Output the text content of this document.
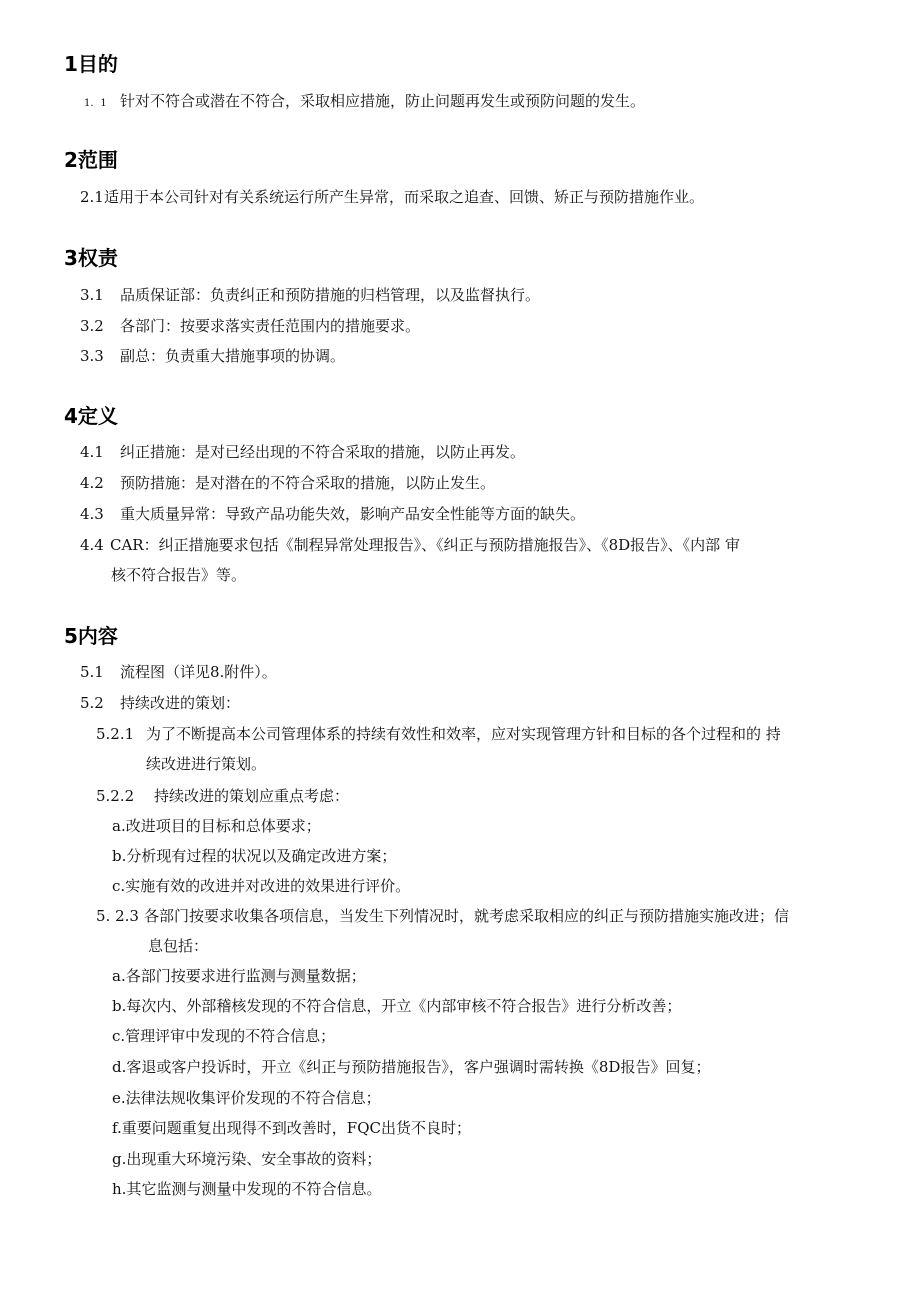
1目的
1．1 针对不符合或潜在不符合，采取相应措施，防止问题再发生或预防问题的发生。
2范围
2.1适用于本公司针对有关系统运行所产生异常，而采取之追查、回馈、矫正与预防措施作业。
3权责
3.1 品质保证部：负责纠正和预防措施的归档管理，以及监督执行。
3.2 各部门：按要求落实责任范围内的措施要求。
3.3 副总：负责重大措施事项的协调。
4定义
4.1 纠正措施：是对已经出现的不符合采取的措施，以防止再发。
4.2 预防措施：是对潜在的不符合采取的措施，以防止发生。
4.3 重大质量异常：导致产品功能失效，影响产品安全性能等方面的缺失。
4.4 CAR：纠正措施要求包括《制程异常处理报告》、《纠正与预防措施报告》、《8D报告》、《内部 审
核不符合报告》等。
5内容
5.1 流程图（详见8.附件）。
5.2 持续改进的策划：
5.2.1 为了不断提高本公司管理体系的持续有效性和效率，应对实现管理方针和目标的各个过程和的 持
续改进进行策划。
5.2.2 持续改进的策划应重点考虑：
a.改进项目的目标和总体要求；
b.分析现有过程的状况以及确定改进方案；
c.实施有效的改进并对改进的效果进行评价。
5. 2.3 各部门按要求收集各项信息，当发生下列情况时，就考虑采取相应的纠正与预防措施实施改进；信
息包括：
a.各部门按要求进行监测与测量数据；
b.每次内、外部稽核发现的不符合信息，开立《内部审核不符合报告》进行分析改善；
c.管理评审中发现的不符合信息；
d.客退或客户投诉时，开立《纠正与预防措施报告》，客户强调时需转换《8D报告》回复；
e.法律法规收集评价发现的不符合信息；
f.重要问题重复出现得不到改善时，FQC出货不良时；
g.出现重大环境污染、安全事故的资料；
h.其它监测与测量中发现的不符合信息。
